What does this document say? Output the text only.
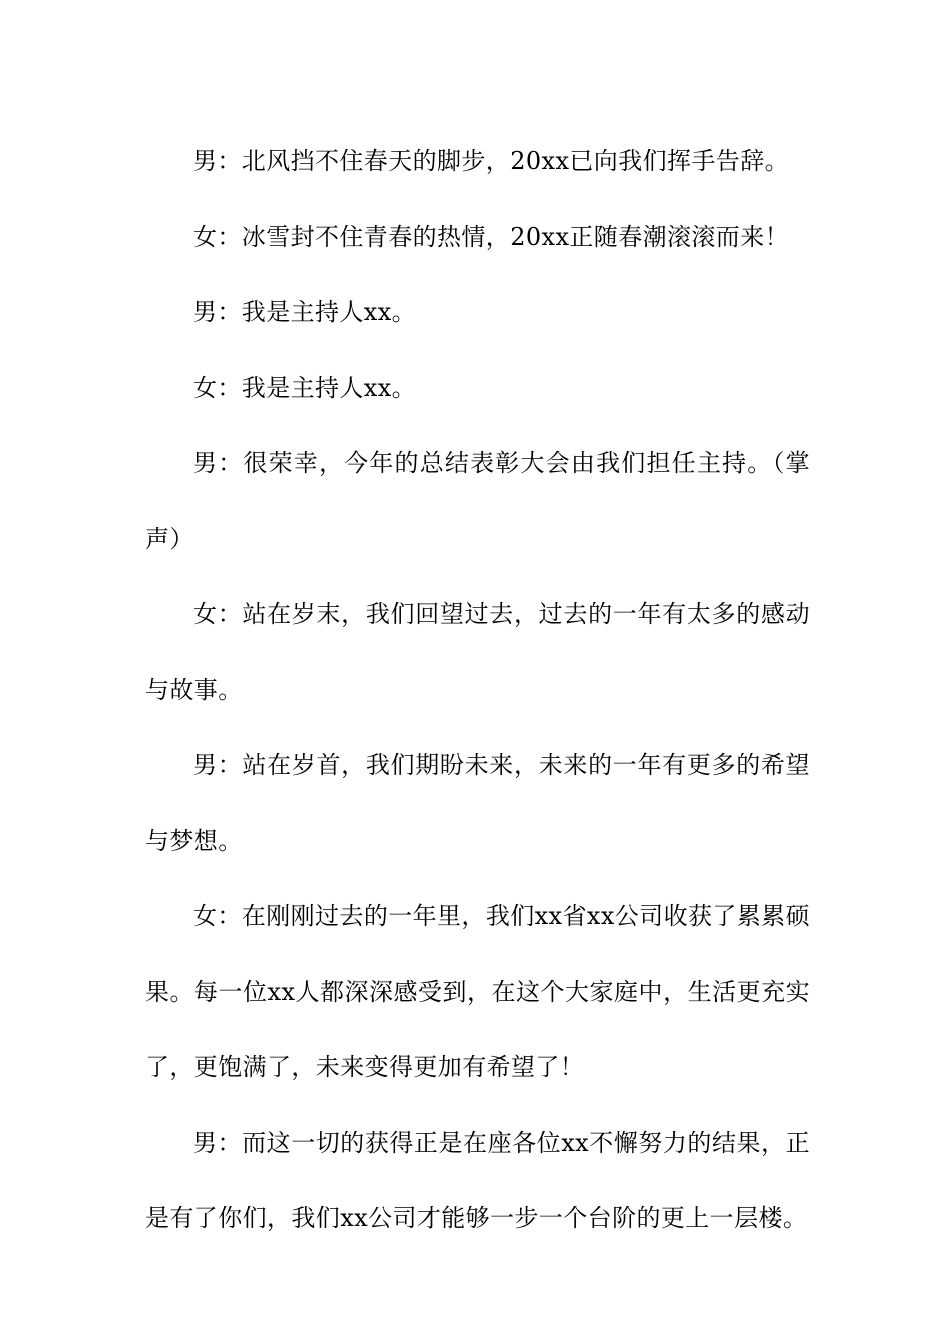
男：北风挡不住春天的脚步，20xx已向我们挥手告辞。

女：冰雪封不住青春的热情，20xx正随春潮滚滚而来！

男：我是主持人xx。

女：我是主持人xx。

男：很荣幸，今年的总结表彰大会由我们担任主持。（掌声）

女：站在岁末，我们回望过去，过去的一年有太多的感动与故事。

男：站在岁首，我们期盼未来，未来的一年有更多的希望与梦想。

女：在刚刚过去的一年里，我们xx省xx公司收获了累累硕果。每一位xx人都深深感受到，在这个大家庭中，生活更充实了，更饱满了，未来变得更加有希望了！

男：而这一切的获得正是在座各位xx不懈努力的结果，正是有了你们，我们xx公司才能够一步一个台阶的更上一层楼。
